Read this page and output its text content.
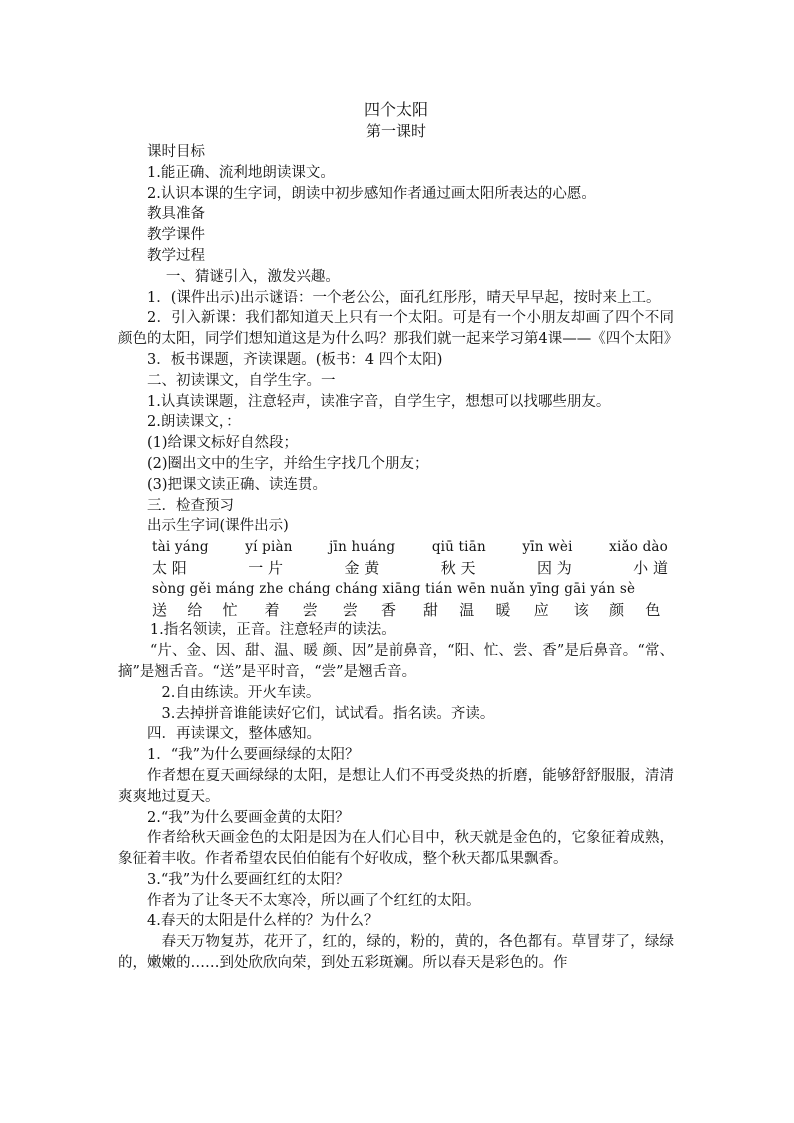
四个太阳
第一课时

课时目标

1.能正确、流利地朗读课文。

2.认识本课的生字词，朗读中初步感知作者通过画太阳所表达的心愿。

教具准备

教学课件

教学过程

一、猜谜引入，激发兴趣。

1．(课件出示)出示谜语：一个老公公，面孔红彤彤，晴天早早起，按时来上工。

2．引入新课：我们都知道天上只有一个太阳。可是有一个小朋友却画了四个不同颜色的太阳，同学们想知道这是为什么吗？那我们就一起来学习第4课——《四个太阳》

3．板书课题，齐读课题。(板书：4 四个太阳)

二、初读课文，自学生字。一

1.认真读课题，注意轻声，读准字音，自学生字，想想可以找哪些朋友。

2.朗读课文，：

(1)给课文标好自然段；

(2)圈出文中的生字，并给生字找几个朋友；

(3)把课文读正确、读连贯。

三．检查预习

出示生字词(课件出示)

tài yáng	yí piàn	jīn huáng	qiū tiān	yīn wèi	xiǎo dào
太 阳	一 片	金 黄	秋 天	因 为	小 道
sòng gěi máng zhe cháng cháng xiāng tián wēn nuǎn yīng gāi yán sè
送	给	忙	着	尝	尝	香	甜	温	暖	应	该	颜	色

1.指名领读，正音。注意轻声的读法。

“片、金、因、甜、温、暖 颜、因”是前鼻音，“阳、忙、尝、香”是后鼻音。“常、摘”是翘舌音。“送”是平时音，“尝”是翘舌音。

2.自由练读。开火车读。

3.去掉拼音谁能读好它们，试试看。指名读。齐读。

四．再读课文，整体感知。

1．“我”为什么要画绿绿的太阳？

作者想在夏天画绿绿的太阳，是想让人们不再受炎热的折磨，能够舒舒服服，清清爽爽地过夏天。

2.“我”为什么要画金黄的太阳？

作者给秋天画金色的太阳是因为在人们心目中，秋天就是金色的，它象征着成熟，象征着丰收。作者希望农民伯伯能有个好收成，整个秋天都瓜果飘香。

3.“我”为什么要画红红的太阳？

作者为了让冬天不太寒冷，所以画了个红红的太阳。

4.春天的太阳是什么样的？为什么？

春天万物复苏，花开了，红的，绿的，粉的，黄的，各色都有。草冒芽了，绿绿的，嫩嫩的……到处欣欣向荣，到处五彩斑斓。所以春天是彩色的。作
